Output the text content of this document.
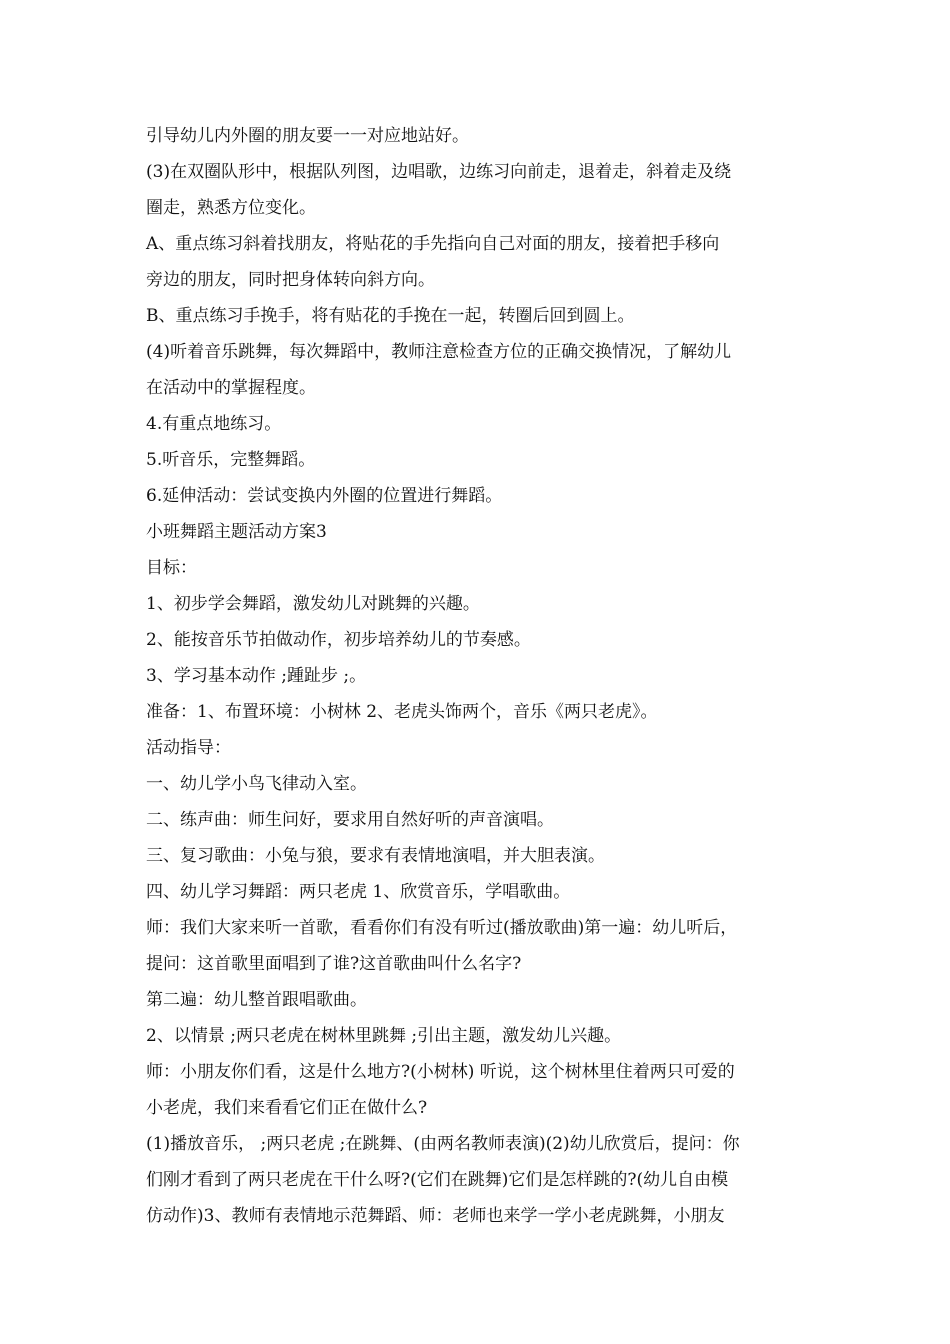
引导幼儿内外圈的朋友要一一对应地站好。
(3)在双圈队形中，根据队列图，边唱歌，边练习向前走，退着走，斜着走及绕
圈走，熟悉方位变化。
A、重点练习斜着找朋友，将贴花的手先指向自己对面的朋友，接着把手移向
旁边的朋友，同时把身体转向斜方向。
B、重点练习手挽手，将有贴花的手挽在一起，转圈后回到圆上。
(4)听着音乐跳舞，每次舞蹈中，教师注意检查方位的正确交换情况，了解幼儿
在活动中的掌握程度。
4.有重点地练习。
5.听音乐，完整舞蹈。
6.延伸活动：尝试变换内外圈的位置进行舞蹈。
小班舞蹈主题活动方案3
目标：
1、初步学会舞蹈，激发幼儿对跳舞的兴趣。
2、能按音乐节拍做动作，初步培养幼儿的节奏感。
3、学习基本动作 ;踵趾步 ;。
准备：1、布置环境：小树林 2、老虎头饰两个，音乐《两只老虎》。
活动指导：
一、幼儿学小鸟飞律动入室。
二、练声曲：师生问好，要求用自然好听的声音演唱。
三、复习歌曲：小兔与狼，要求有表情地演唱，并大胆表演。
四、幼儿学习舞蹈：两只老虎 1、欣赏音乐，学唱歌曲。
师：我们大家来听一首歌，看看你们有没有听过(播放歌曲)第一遍：幼儿听后，
提问：这首歌里面唱到了谁?这首歌曲叫什么名字?
第二遍：幼儿整首跟唱歌曲。
2、以情景 ;两只老虎在树林里跳舞 ;引出主题，激发幼儿兴趣。
师：小朋友你们看，这是什么地方?(小树林) 听说，这个树林里住着两只可爱的
小老虎，我们来看看它们正在做什么?
(1)播放音乐， ;两只老虎 ;在跳舞、(由两名教师表演)(2)幼儿欣赏后，提问：你
们刚才看到了两只老虎在干什么呀?(它们在跳舞)它们是怎样跳的?(幼儿自由模
仿动作)3、教师有表情地示范舞蹈、师：老师也来学一学小老虎跳舞，小朋友
